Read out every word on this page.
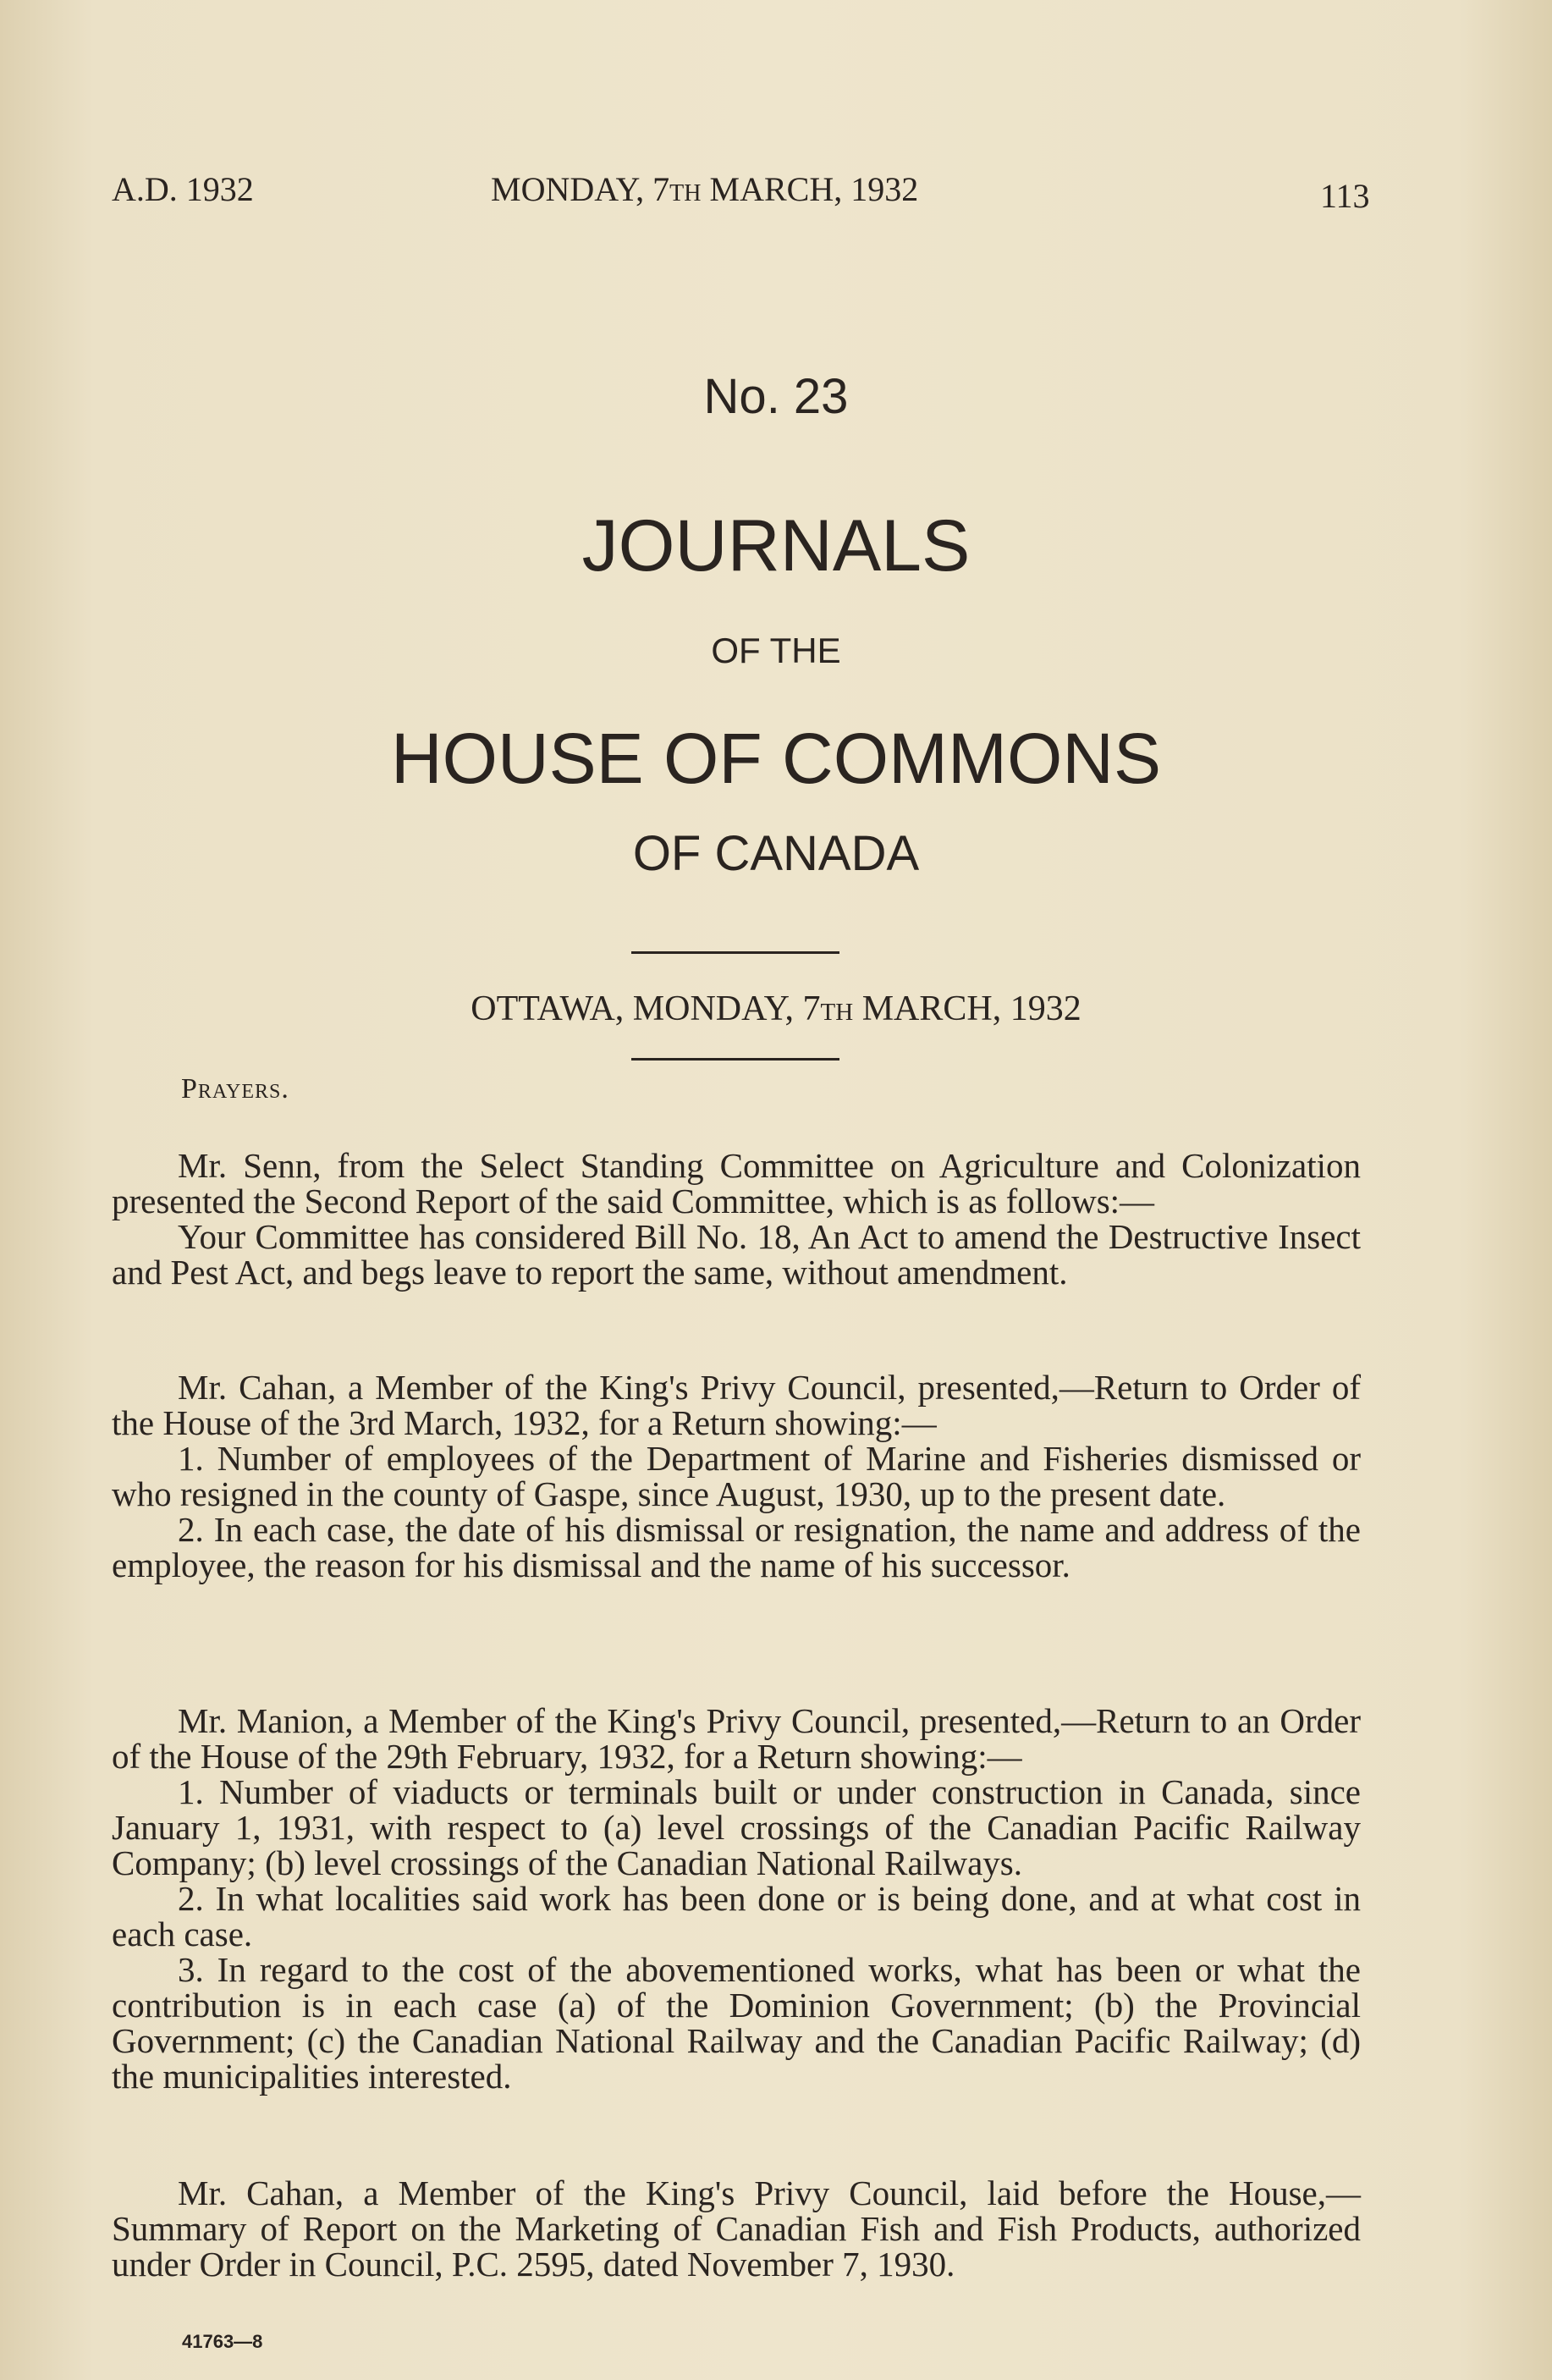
A.D. 1932	MONDAY, 7th MARCH, 1932	113
No. 23
JOURNALS
OF THE
HOUSE OF COMMONS
OF CANADA
OTTAWA, MONDAY, 7th MARCH, 1932
Prayers.

Mr. Senn, from the Select Standing Committee on Agriculture and Colonization presented the Second Report of the said Committee, which is as follows:—

Your Committee has considered Bill No. 18, An Act to amend the Destructive Insect and Pest Act, and begs leave to report the same, without amendment.

Mr. Cahan, a Member of the King's Privy Council, presented,—Return to Order of the House of the 3rd March, 1932, for a Return showing:—

1. Number of employees of the Department of Marine and Fisheries dismissed or who resigned in the county of Gaspe, since August, 1930, up to the present date.

2. In each case, the date of his dismissal or resignation, the name and address of the employee, the reason for his dismissal and the name of his successor.

Mr. Manion, a Member of the King's Privy Council, presented,—Return to an Order of the House of the 29th February, 1932, for a Return showing:—

1. Number of viaducts or terminals built or under construction in Canada, since January 1, 1931, with respect to (a) level crossings of the Canadian Pacific Railway Company; (b) level crossings of the Canadian National Railways.

2. In what localities said work has been done or is being done, and at what cost in each case.

3. In regard to the cost of the abovementioned works, what has been or what the contribution is in each case (a) of the Dominion Government; (b) the Provincial Government; (c) the Canadian National Railway and the Canadian Pacific Railway; (d) the municipalities interested.

Mr. Cahan, a Member of the King's Privy Council, laid before the House,—Summary of Report on the Marketing of Canadian Fish and Fish Products, authorized under Order in Council, P.C. 2595, dated November 7, 1930.

41763—8
